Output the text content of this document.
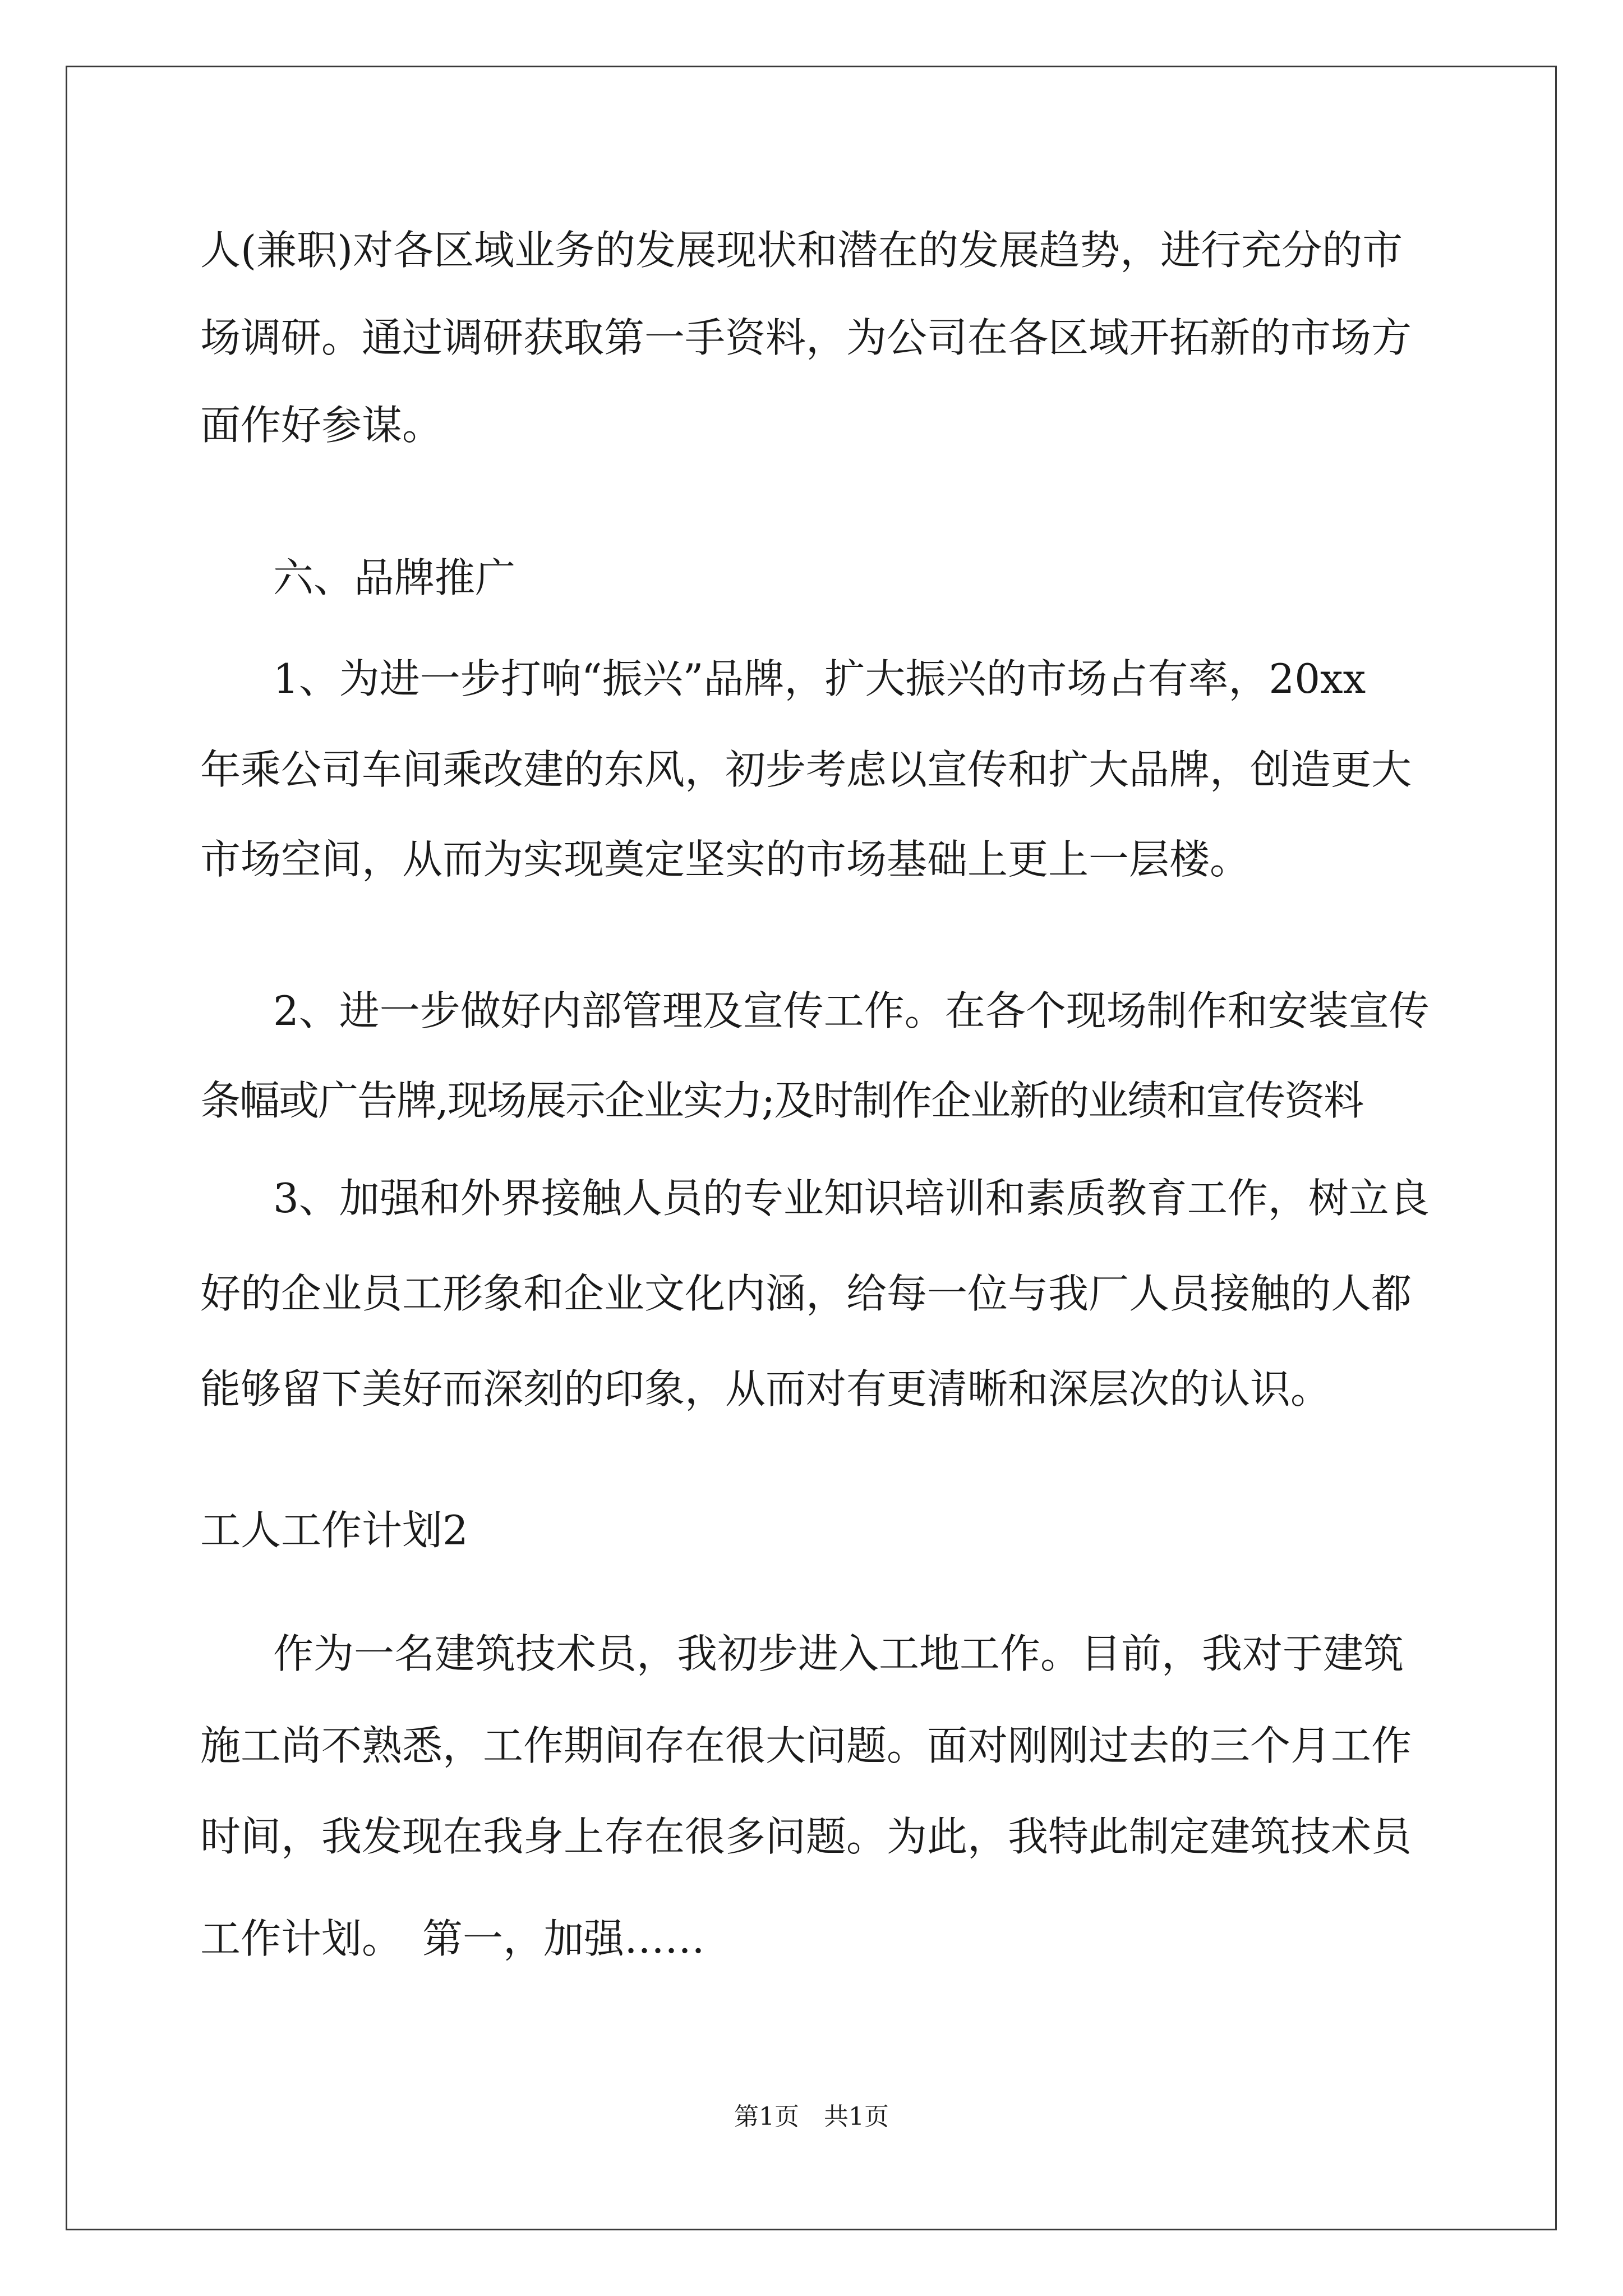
人(兼职)对各区域业务的发展现状和潜在的发展趋势，进行充分的市
场调研。通过调研获取第一手资料，为公司在各区域开拓新的市场方
面作好参谋。
六、品牌推广
1、为进一步打响“振兴”品牌，扩大振兴的市场占有率，20xx
年乘公司车间乘改建的东风，初步考虑以宣传和扩大品牌，创造更大
市场空间，从而为实现奠定坚实的市场基础上更上一层楼。
2、进一步做好内部管理及宣传工作。在各个现场制作和安装宣传
条幅或广告牌,现场展示企业实力;及时制作企业新的业绩和宣传资料
3、加强和外界接触人员的专业知识培训和素质教育工作，树立良
好的企业员工形象和企业文化内涵，给每一位与我厂人员接触的人都
能够留下美好而深刻的印象，从而对有更清晰和深层次的认识。
工人工作计划2
作为一名建筑技术员，我初步进入工地工作。目前，我对于建筑
施工尚不熟悉，工作期间存在很大问题。面对刚刚过去的三个月工作
时间，我发现在我身上存在很多问题。为此，我特此制定建筑技术员
工作计划。　第一，加强……
第1页　共1页
